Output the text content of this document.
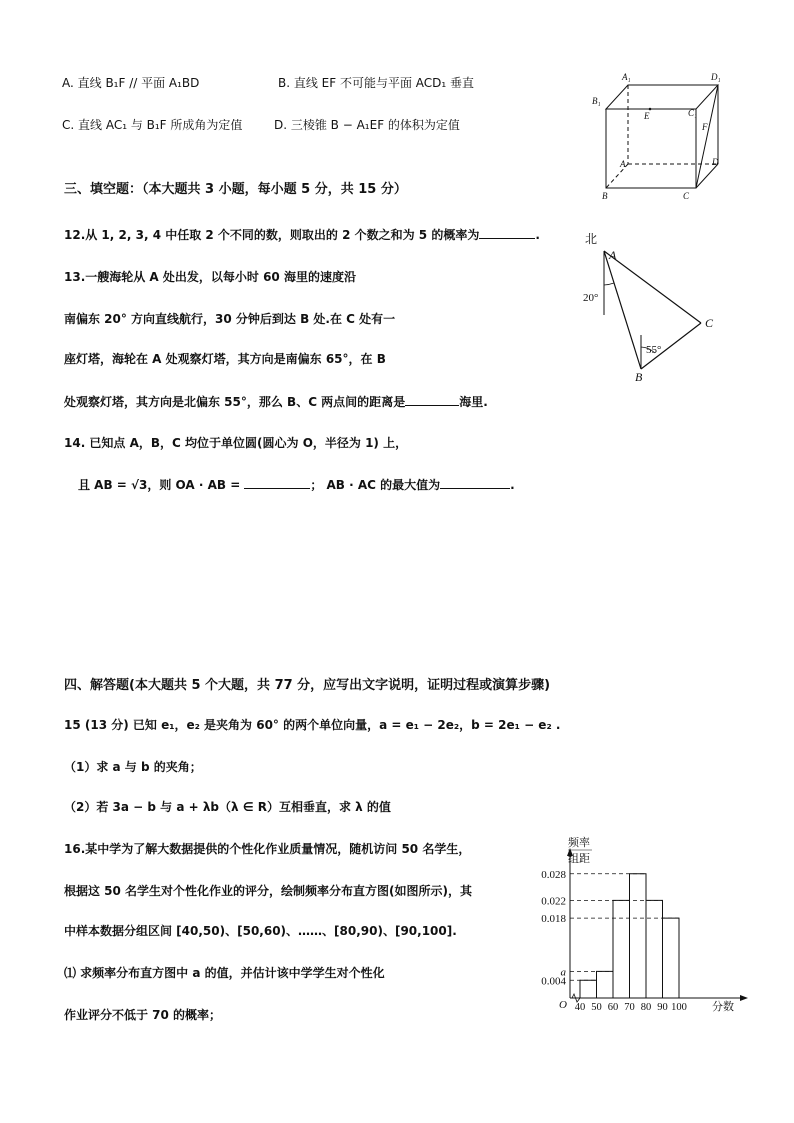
A. 直线 B₁F // 平面 A₁BD	B. 直线 EF 不可能与平面 ACD₁ 垂直
C. 直线 AC₁ 与 B₁F 所成角为定值	D. 三棱锥 B − A₁EF 的体积为定值
B₁
A₁	D₁
C₁
E
F
A	D
B	C
三、填空题：（本大题共 3 小题，每小题 5 分，共 15 分）
12.从 1, 2, 3, 4 中任取 2 个不同的数，则取出的 2 个数之和为 5 的概率为	.
13.一艘海轮从 A 处出发，以每小时 60 海里的速度沿
南偏东 20° 方向直线航行，30 分钟后到达 B 处.在 C 处有一
座灯塔，海轮在 A 处观察灯塔，其方向是南偏东 65°，在 B
处观察灯塔，其方向是北偏东 55°，那么 B、C 两点间的距离是	海里.
北
A
B
C
20°
55°
14. 已知点 A，B，C 均位于单位圆(圆心为 O，半径为 1) 上，
且 AB = √3，则 OA · AB =	； AB · AC 的最大值为	.
四、解答题(本大题共 5 个大题，共 77 分，应写出文字说明，证明过程或演算步骤)
15 (13 分) 已知 e₁，e₂ 是夹角为 60° 的两个单位向量，a = e₁ − 2e₂，b = 2e₁ − e₂ .
（1）求 a 与 b 的夹角；
（2）若 3a − b 与 a + λb（λ ∈ R）互相垂直，求 λ 的值
16.某中学为了解大数据提供的个性化作业质量情况，随机访问 50 名学生，
根据这 50 名学生对个性化作业的评分，绘制频率分布直方图(如图所示)，其
中样本数据分组区间 [40,50)、[50,60)、……、[80,90)、[90,100].
⑴ 求频率分布直方图中 a 的值，并估计该中学学生对个性化
作业评分不低于 70 的概率；
频率
组距
O
0.028
0.022
0.018
a
0.004
40 50 60 70 80 90 100 分数
